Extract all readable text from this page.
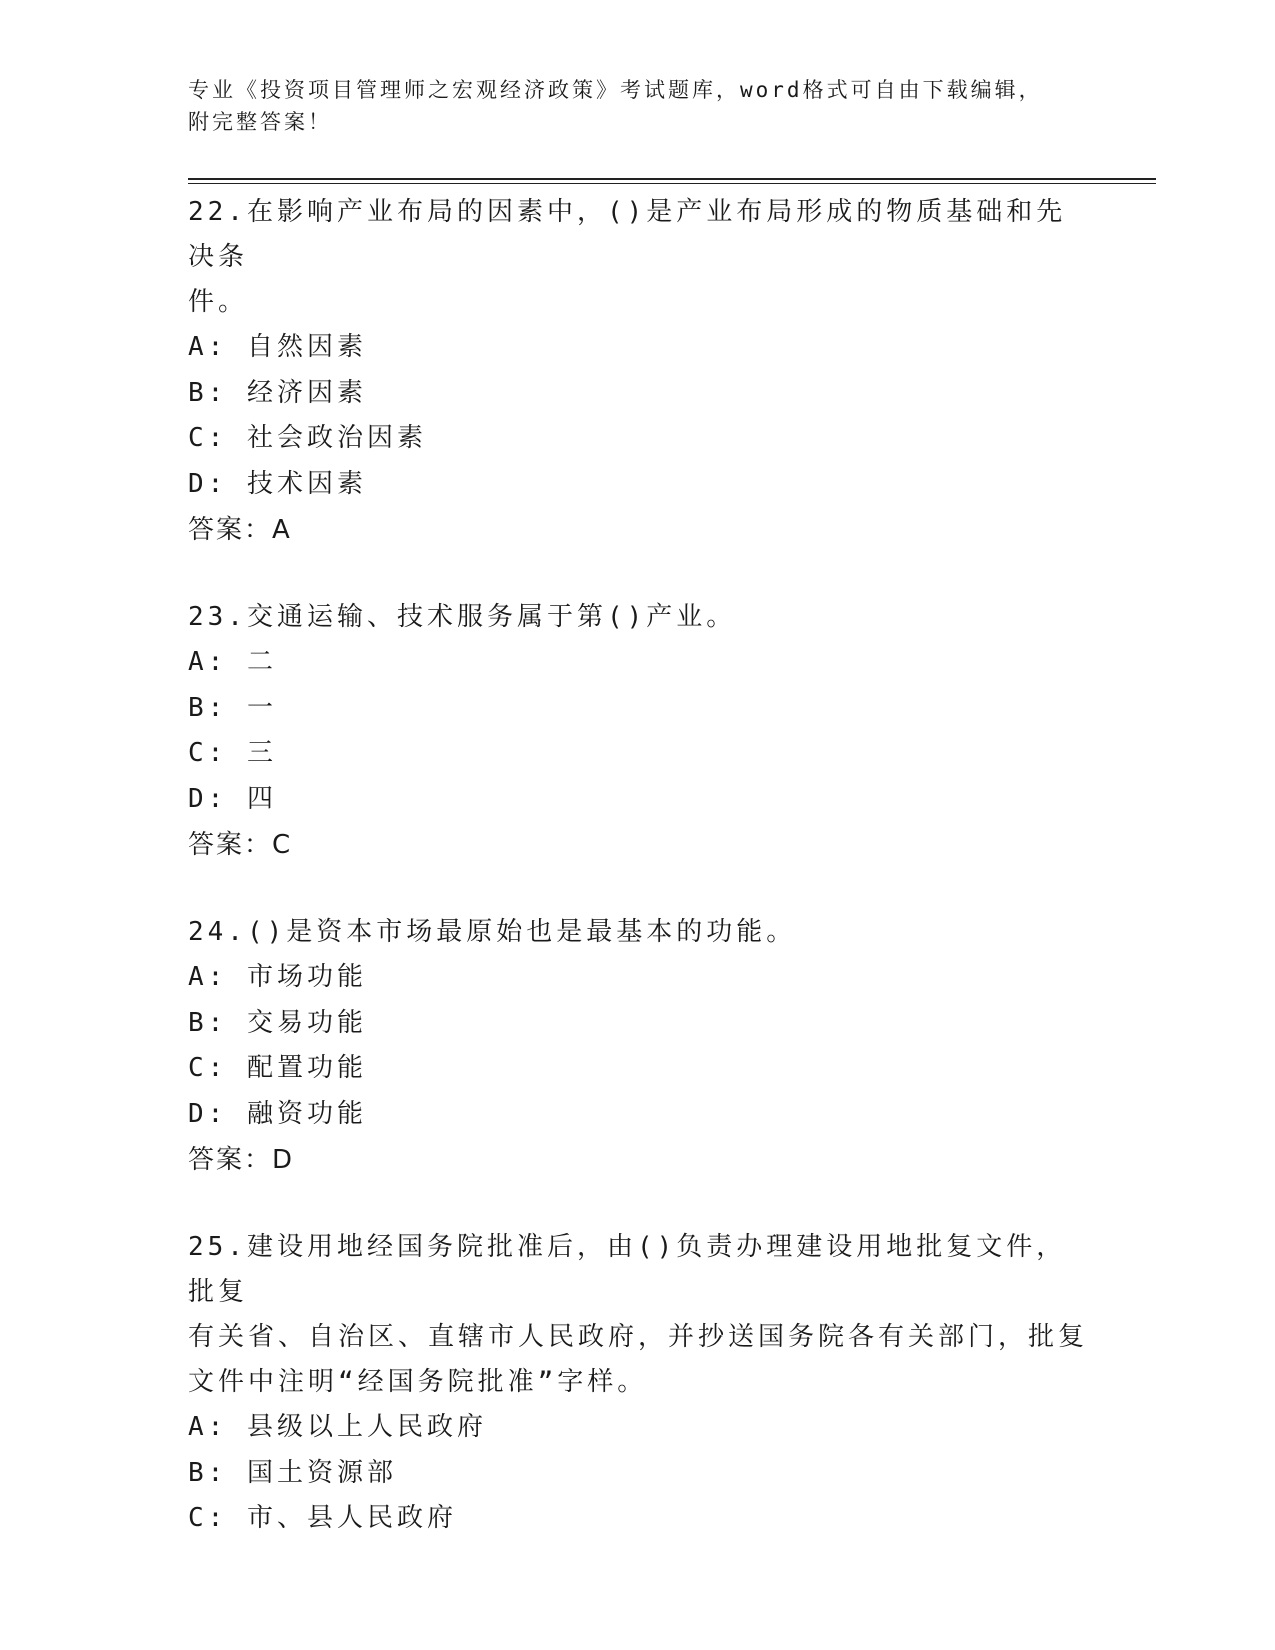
专业《投资项目管理师之宏观经济政策》考试题库，word格式可自由下载编辑，
附完整答案！

22.在影响产业布局的因素中，()是产业布局形成的物质基础和先决条

件。

A: 自然因素

B: 经济因素

C: 社会政治因素

D: 技术因素

答案：A

23.交通运输、技术服务属于第()产业。

A: 二

B: 一

C: 三

D: 四

答案：C

24.()是资本市场最原始也是最基本的功能。

A: 市场功能

B: 交易功能

C: 配置功能

D: 融资功能

答案：D

25.建设用地经国务院批准后，由()负责办理建设用地批复文件，批复

有关省、自治区、直辖市人民政府，并抄送国务院各有关部门，批复

文件中注明“经国务院批准”字样。

A: 县级以上人民政府

B: 国土资源部

C: 市、县人民政府
